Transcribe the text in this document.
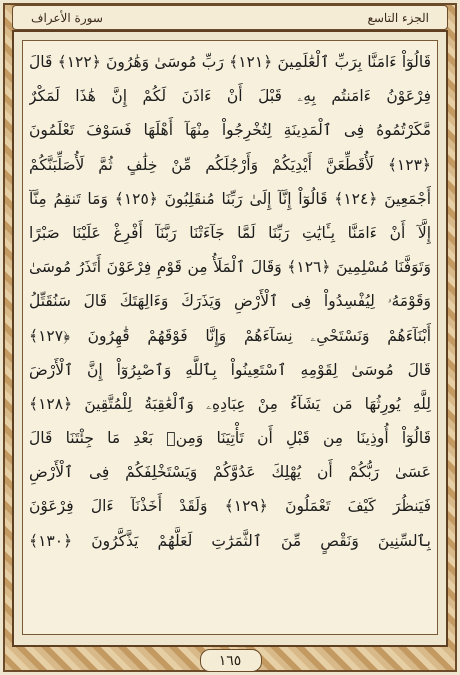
سورة الأعراف	الجزء التاسع
قَالُوٓاْ ءَامَنَّا بِرَبِّ ٱلْعَٰلَمِينَ ﴿١٢١﴾ رَبِّ مُوسَىٰ وَهَٰرُونَ ﴿١٢٢﴾ قَالَ
فِرْعَوْنُ ءَامَنتُم بِهِۦ قَبْلَ أَنْ ءَاذَنَ لَكُمْ إِنَّ هَٰذَا لَمَكْرٌ
مَّكَرْتُمُوهُ فِى ٱلْمَدِينَةِ لِتُخْرِجُواْ مِنْهَآ أَهْلَهَا فَسَوْفَ تَعْلَمُونَ
﴿١٢٣﴾ لَأُقَطِّعَنَّ أَيْدِيَكُمْ وَأَرْجُلَكُم مِّنْ خِلَٰفٍ ثُمَّ لَأُصَلِّبَنَّكُمْ
أَجْمَعِينَ ﴿١٢٤﴾ قَالُوٓاْ إِنَّآ إِلَىٰ رَبِّنَا مُنقَلِبُونَ ﴿١٢٥﴾ وَمَا تَنقِمُ مِنَّآ
إِلَّآ أَنْ ءَامَنَّا بِـَٔايَٰتِ رَبِّنَا لَمَّا جَآءَتْنَا رَبَّنَآ أَفْرِغْ عَلَيْنَا صَبْرًا
وَتَوَفَّنَا مُسْلِمِينَ ﴿١٢٦﴾ وَقَالَ ٱلْمَلَأُ مِن قَوْمِ فِرْعَوْنَ أَتَذَرُ مُوسَىٰ
وَقَوْمَهُۥ لِيُفْسِدُواْ فِى ٱلْأَرْضِ وَيَذَرَكَ وَءَالِهَتَكَ قَالَ سَنُقَتِّلُ
أَبْنَآءَهُمْ وَنَسْتَحْىِۦ نِسَآءَهُمْ وَإِنَّا فَوْقَهُمْ قَٰهِرُونَ ﴿١٢٧﴾
قَالَ مُوسَىٰ لِقَوْمِهِ ٱسْتَعِينُواْ بِٱللَّهِ وَٱصْبِرُوٓاْ إِنَّ ٱلْأَرْضَ
لِلَّهِ يُورِثُهَا مَن يَشَآءُ مِنْ عِبَادِهِۦ وَٱلْعَٰقِبَةُ لِلْمُتَّقِينَ ﴿١٢٨﴾
قَالُوٓاْ أُوذِينَا مِن قَبْلِ أَن تَأْتِيَنَا وَمِنۢ بَعْدِ مَا جِئْتَنَا قَالَ
عَسَىٰ رَبُّكُمْ أَن يُهْلِكَ عَدُوَّكُمْ وَيَسْتَخْلِفَكُمْ فِى ٱلْأَرْضِ
فَيَنظُرَ كَيْفَ تَعْمَلُونَ ﴿١٢٩﴾ وَلَقَدْ أَخَذْنَآ ءَالَ فِرْعَوْنَ
بِٱلسِّنِينَ وَنَقْصٍ مِّنَ ٱلثَّمَرَٰتِ لَعَلَّهُمْ يَذَّكَّرُونَ ﴿١٣٠﴾
١٦٥
